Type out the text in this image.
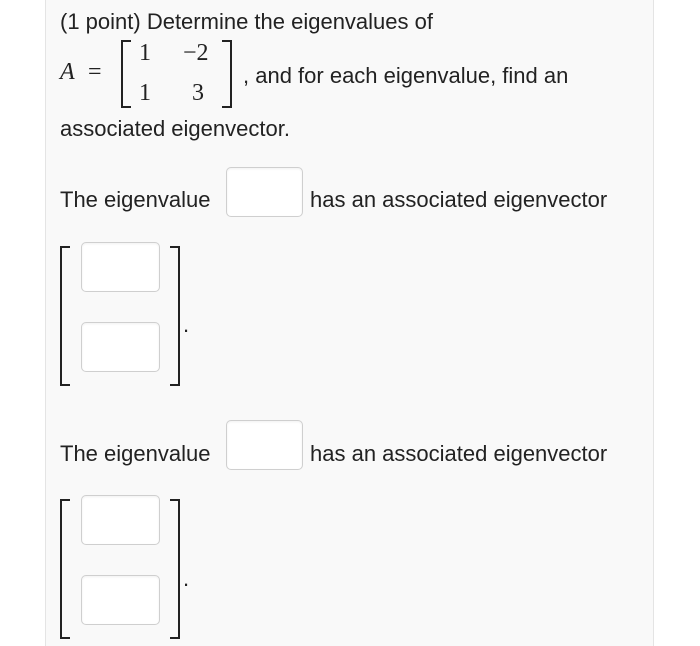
(1 point) Determine the eigenvalues of
A =
1 −2
1 3
, and for each eigenvalue, find an
associated eigenvector.
The eigenvalue	has an associated eigenvector
.
The eigenvalue	has an associated eigenvector
.
